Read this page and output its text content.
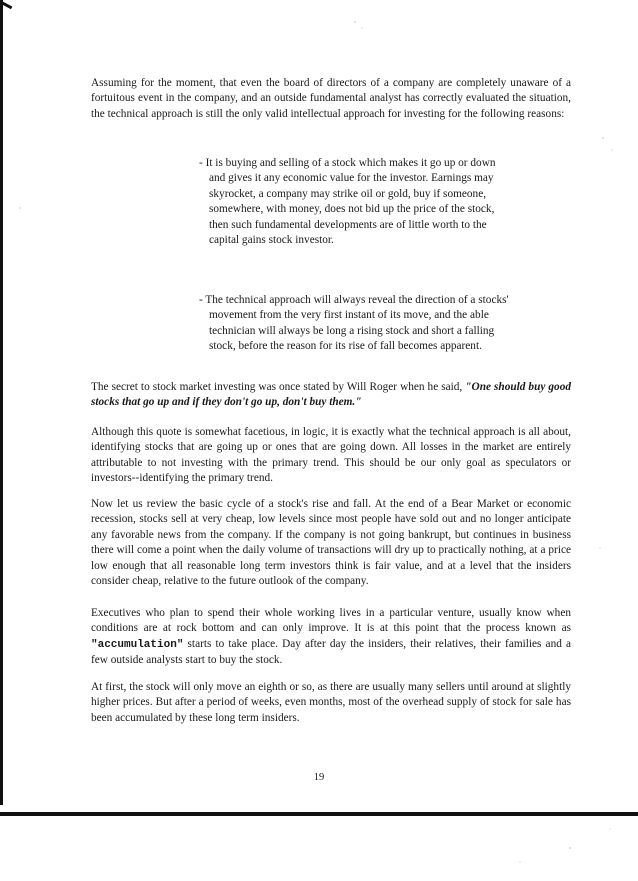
Assuming for the moment, that even the board of directors of a company are completely unaware of a fortuitous event in the company, and an outside fundamental analyst has correctly evaluated the situation, the technical approach is still the only valid intellectual approach for investing for the following reasons:

- It is buying and selling of a stock which makes it go up or down and gives it any economic value for the investor. Earnings may skyrocket, a company may strike oil or gold, buy if someone, somewhere, with money, does not bid up the price of the stock, then such fundamental developments are of little worth to the capital gains stock investor.

- The technical approach will always reveal the direction of a stocks' movement from the very first instant of its move, and the able technician will always be long a rising stock and short a falling stock, before the reason for its rise of fall becomes apparent.

The secret to stock market investing was once stated by Will Roger when he said, "One should buy good stocks that go up and if they don't go up, don't buy them."

Although this quote is somewhat facetious, in logic, it is exactly what the technical approach is all about, identifying stocks that are going up or ones that are going down. All losses in the market are entirely attributable to not investing with the primary trend. This should be our only goal as speculators or investors--identifying the primary trend.

Now let us review the basic cycle of a stock's rise and fall. At the end of a Bear Market or economic recession, stocks sell at very cheap, low levels since most people have sold out and no longer anticipate any favorable news from the company. If the company is not going bankrupt, but continues in business there will come a point when the daily volume of transactions will dry up to practically nothing, at a price low enough that all reasonable long term investors think is fair value, and at a level that the insiders consider cheap, relative to the future outlook of the company.

Executives who plan to spend their whole working lives in a particular venture, usually know when conditions are at rock bottom and can only improve. It is at this point that the process known as "accumulation" starts to take place. Day after day the insiders, their relatives, their families and a few outside analysts start to buy the stock.

At first, the stock will only move an eighth or so, as there are usually many sellers until around at slightly higher prices. But after a period of weeks, even months, most of the overhead supply of stock for sale has been accumulated by these long term insiders.

19
